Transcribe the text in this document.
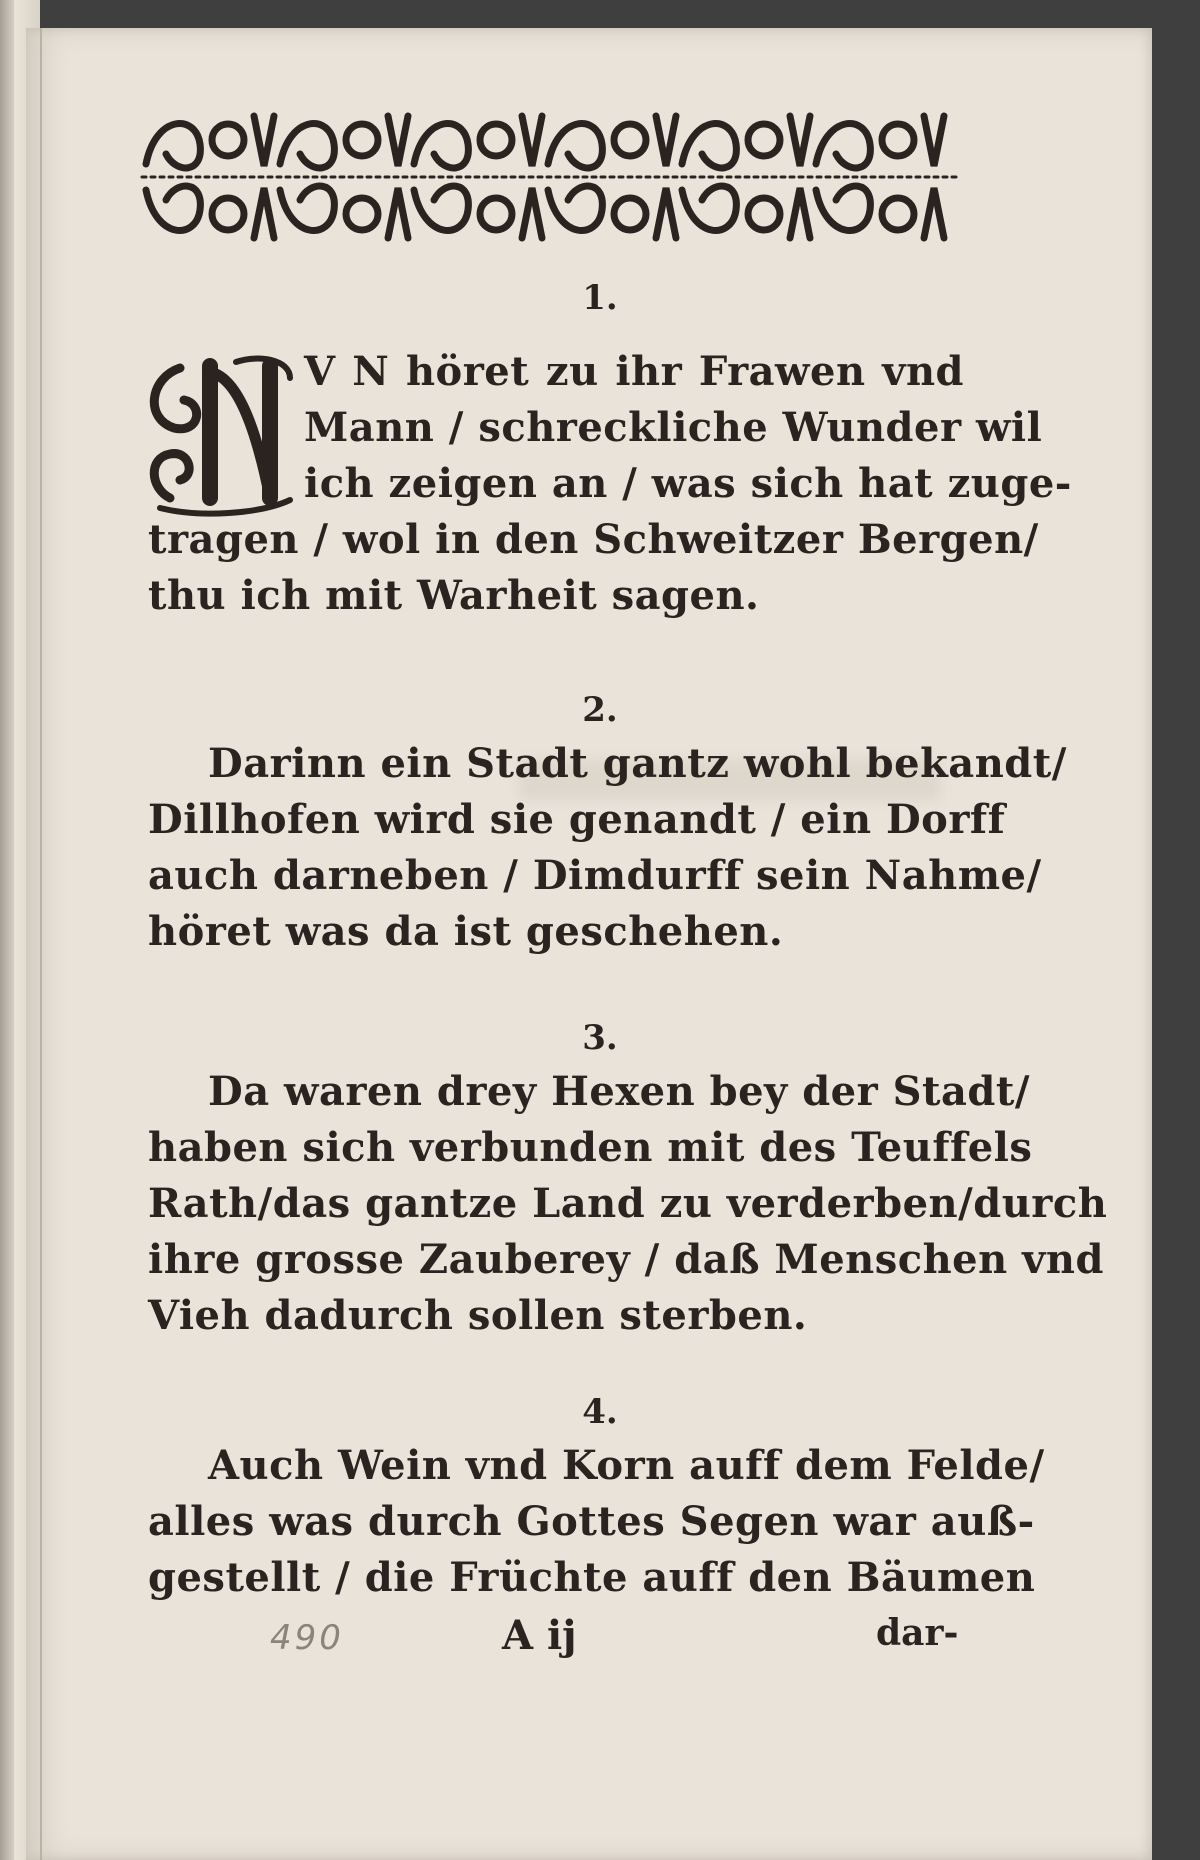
1.
V N höret zu ihr Frawen vnd
Mann / schreckliche Wunder wil
ich zeigen an / was sich hat zuge-
tragen / wol in den Schweitzer Bergen/
thu ich mit Warheit sagen.
2.
Darinn ein Stadt gantz wohl bekandt/
Dillhofen wird sie genandt / ein Dorff
auch darneben / Dimdurff sein Nahme/
höret was da ist geschehen.
3.
Da waren drey Hexen bey der Stadt/
haben sich verbunden mit des Teuffels
Rath/das gantze Land zu verderben/durch
ihre grosse Zauberey / daß Menschen vnd
Vieh dadurch sollen sterben.
4.
Auch Wein vnd Korn auff dem Felde/
alles was durch Gottes Segen war auß-
gestellt / die Früchte auff den Bäumen
490	A ij	dar-
